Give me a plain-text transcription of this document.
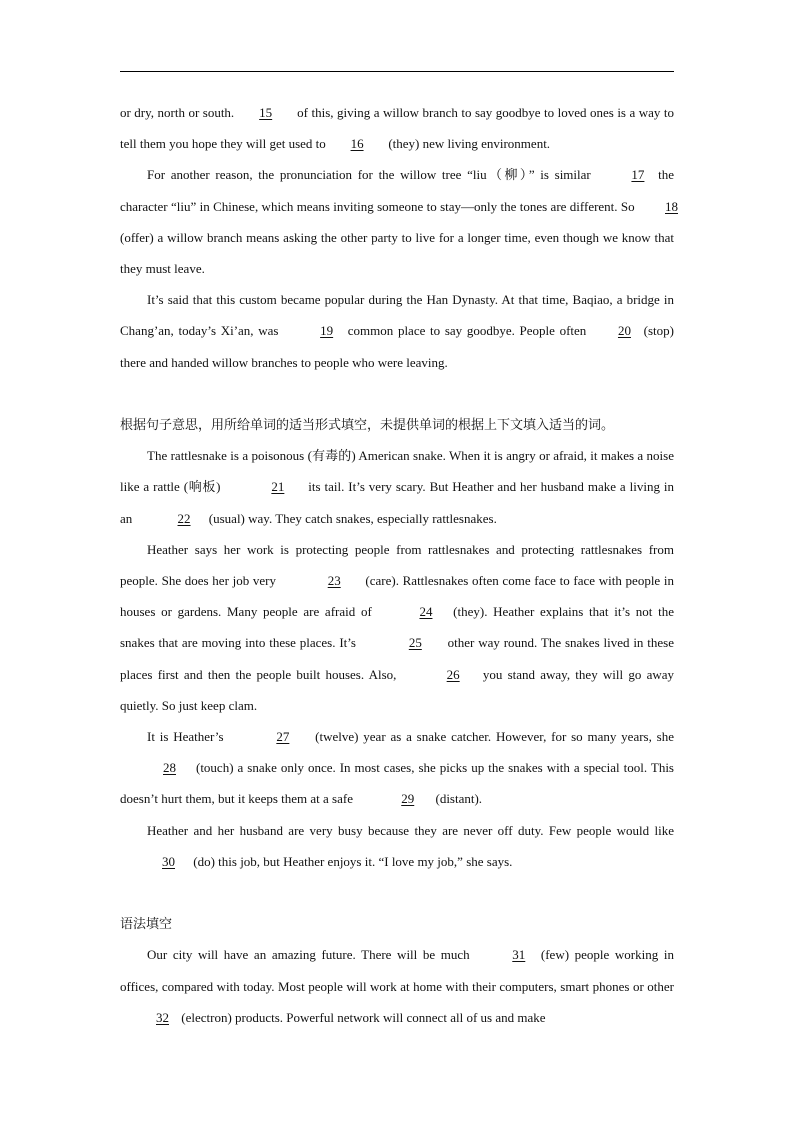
or dry, north or south. 15 of this, giving a willow branch to say goodbye to loved ones is a way to tell them you hope they will get used to 16 (they) new living environment.

For another reason, the pronunciation for the willow tree “liu（柳）” is similar	17 the character “liu” in Chinese, which means inviting someone to stay—only the tones are different. So 18 (offer) a willow branch means asking the other party to live for a longer time, even though we know that they must leave.

It’s said that this custom became popular during the Han Dynasty. At that time, Baqiao, a bridge in Chang’an, today’s Xi’an, was	19 common place to say goodbye. People often 20 (stop) there and handed willow branches to people who were leaving.

根据句子意思，用所给单词的适当形式填空，未提供单词的根据上下文填入适当的词。

The rattlesnake is a poisonous (有毒的) American snake. When it is angry or afraid, it makes a noise like a rattle (响板)	21 its tail. It’s very scary. But Heather and her husband make a living in an	22 (usual) way. They catch snakes, especially rattlesnakes.

Heather says her work is protecting people from rattlesnakes and protecting rattlesnakes from people. She does her job very	23 (care). Rattlesnakes often come face to face with people in houses or gardens. Many people are afraid of	24 (they). Heather explains that it’s not the snakes that are moving into these places. It’s	25 other way round. The snakes lived in these places first and then the people built houses. Also,	26 you stand away, they will go away quietly. So just keep clam.

It is Heather’s	27 (twelve) year as a snake catcher. However, for so many years, she 28 (touch) a snake only once. In most cases, she picks up the snakes with a special tool. This doesn’t hurt them, but it keeps them at a safe	29 (distant).

Heather and her husband are very busy because they are never off duty. Few people would like 30 (do) this job, but Heather enjoys it. “I love my job,” she says.

语法填空

Our city will have an amazing future. There will be much	31 (few) people working in offices, compared with today. Most people will work at home with their computers, smart phones or other 32 (electron) products. Powerful network will connect all of us and make
